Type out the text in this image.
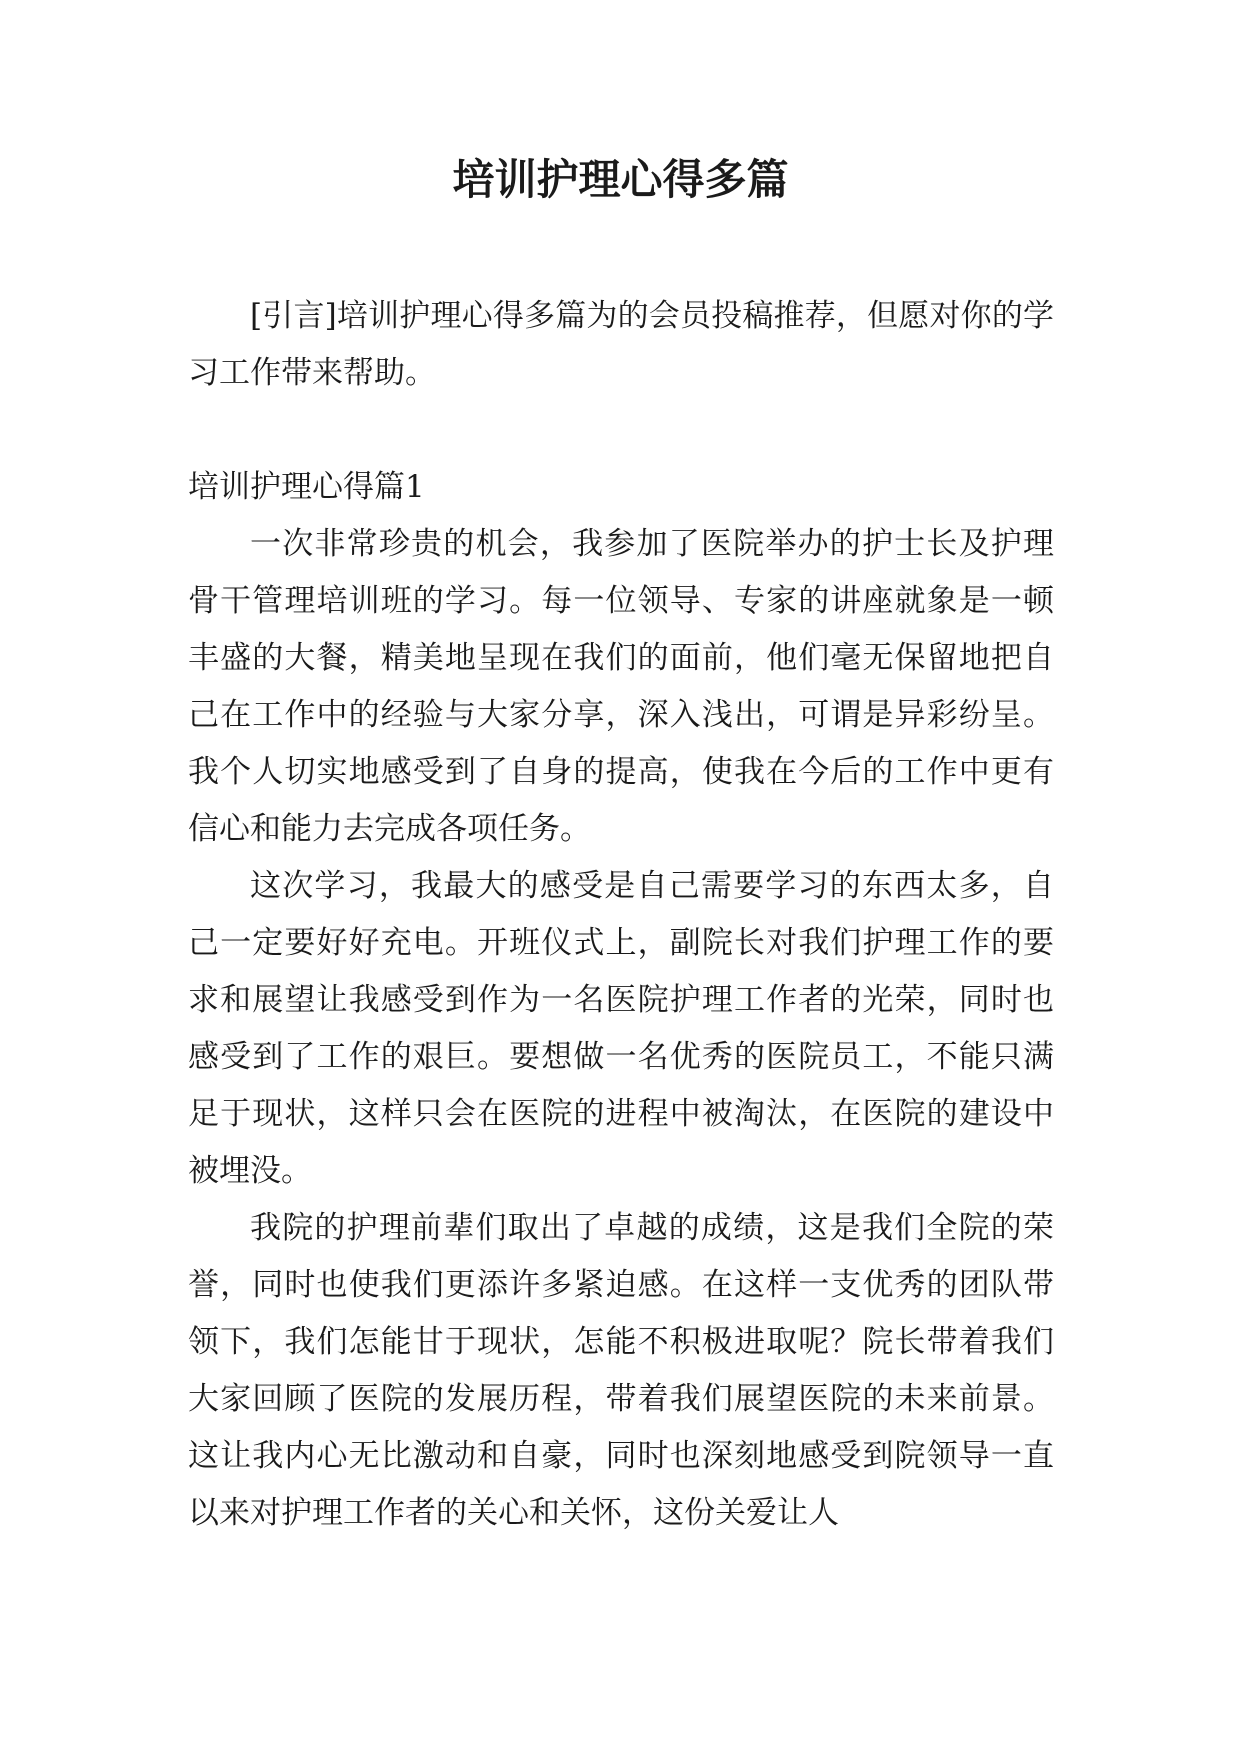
培训护理心得多篇

[引言]培训护理心得多篇为的会员投稿推荐，但愿对你的学习工作带来帮助。

培训护理心得篇1

一次非常珍贵的机会，我参加了医院举办的护士长及护理骨干管理培训班的学习。每一位领导、专家的讲座就象是一顿丰盛的大餐，精美地呈现在我们的面前，他们毫无保留地把自己在工作中的经验与大家分享，深入浅出，可谓是异彩纷呈。我个人切实地感受到了自身的提高，使我在今后的工作中更有信心和能力去完成各项任务。

这次学习，我最大的感受是自己需要学习的东西太多，自己一定要好好充电。开班仪式上，副院长对我们护理工作的要求和展望让我感受到作为一名医院护理工作者的光荣，同时也感受到了工作的艰巨。要想做一名优秀的医院员工，不能只满足于现状，这样只会在医院的进程中被淘汰，在医院的建设中被埋没。

我院的护理前辈们取出了卓越的成绩，这是我们全院的荣誉，同时也使我们更添许多紧迫感。在这样一支优秀的团队带领下，我们怎能甘于现状，怎能不积极进取呢？院长带着我们大家回顾了医院的发展历程，带着我们展望医院的未来前景。这让我内心无比激动和自豪，同时也深刻地感受到院领导一直以来对护理工作者的关心和关怀，这份关爱让人
